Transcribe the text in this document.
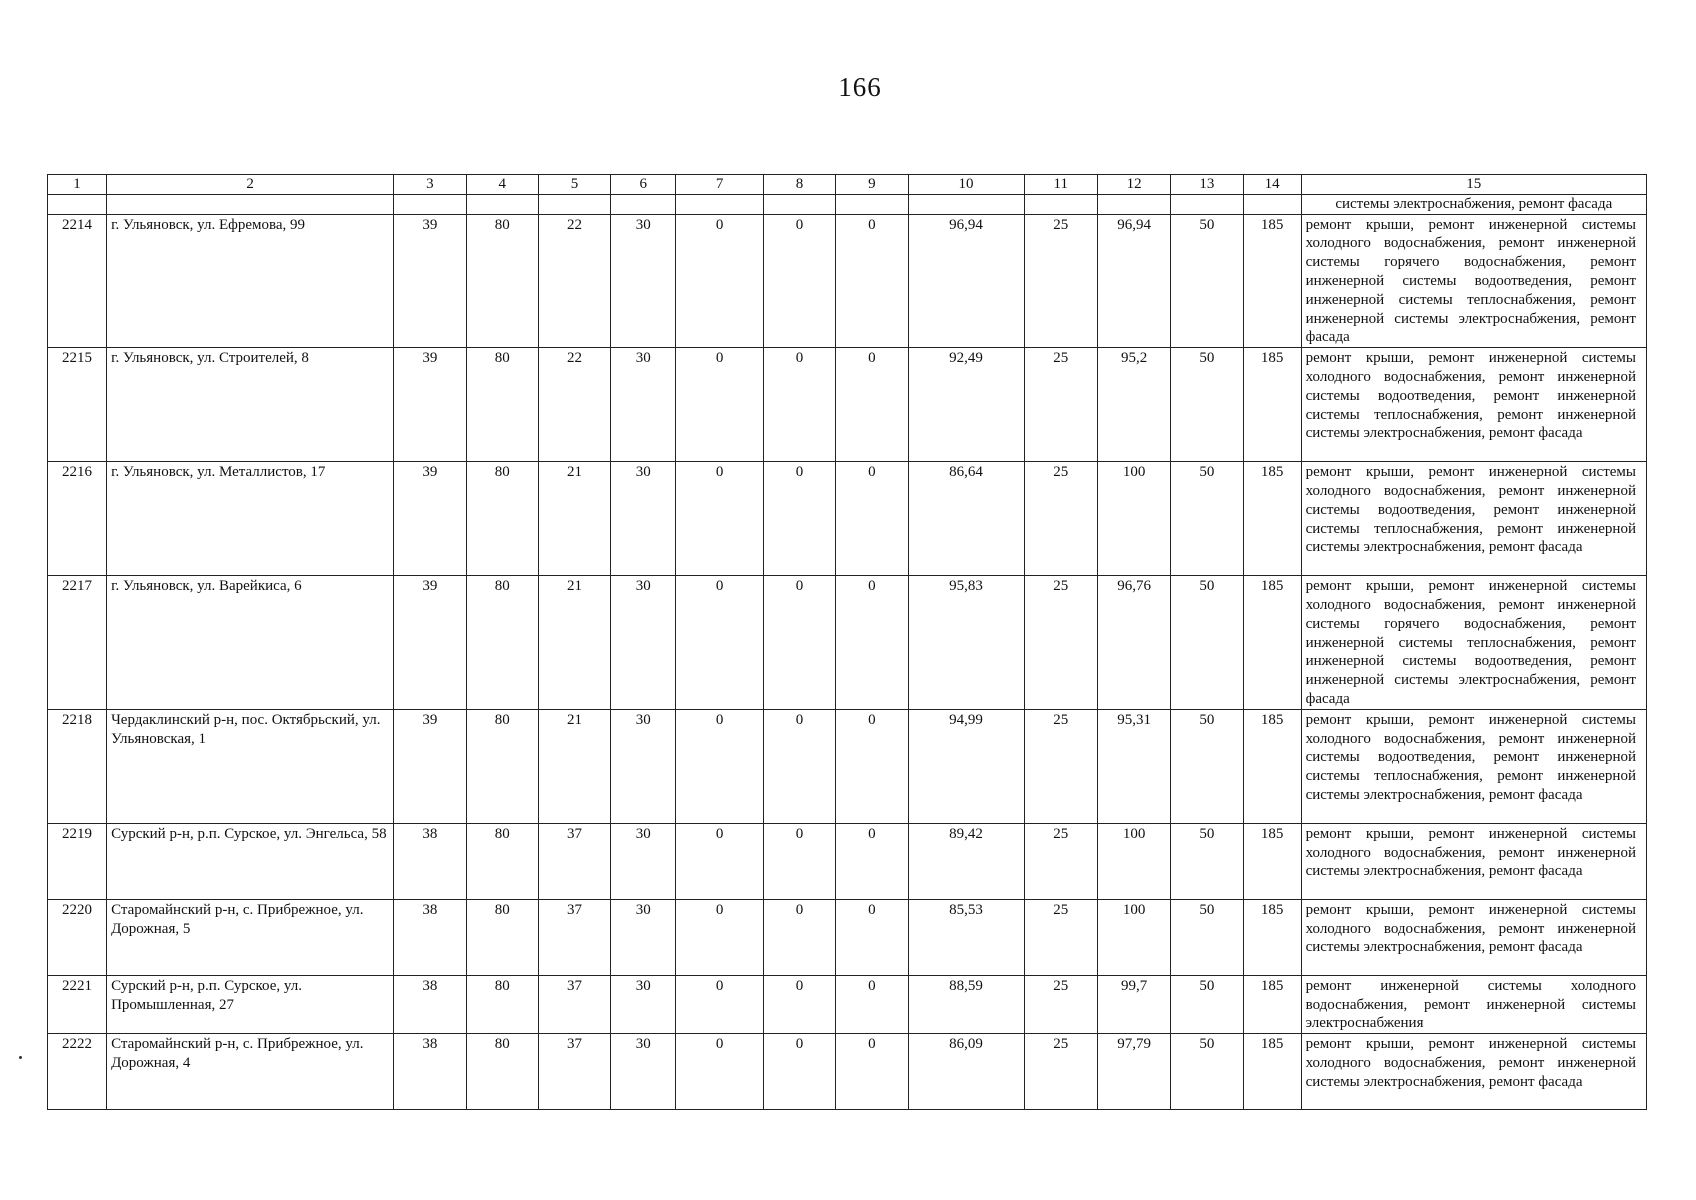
166
1	2	3	4	5	6	7	8	9	10	11	12	13	14	15
														системы электроснабжения, ремонт фасада
2214	г. Ульяновск, ул. Ефремова, 99	39	80	22	30	0	0	0	96,94	25	96,94	50	185	ремонт крыши, ремонт инженерной системы холодного водоснабжения, ремонт инженерной системы горячего водоснабжения, ремонт инженерной системы водоотведения, ремонт инженерной системы теплоснабжения, ремонт инженерной системы электроснабжения, ремонт фасада
2215	г. Ульяновск, ул. Строителей, 8	39	80	22	30	0	0	0	92,49	25	95,2	50	185	ремонт крыши, ремонт инженерной системы холодного водоснабжения, ремонт инженерной системы водоотведения, ремонт инженерной системы теплоснабжения, ремонт инженерной системы электроснабжения, ремонт фасада
2216	г. Ульяновск, ул. Металлистов, 17	39	80	21	30	0	0	0	86,64	25	100	50	185	ремонт крыши, ремонт инженерной системы холодного водоснабжения, ремонт инженерной системы водоотведения, ремонт инженерной системы теплоснабжения, ремонт инженерной системы электроснабжения, ремонт фасада
2217	г. Ульяновск, ул. Варейкиса, 6	39	80	21	30	0	0	0	95,83	25	96,76	50	185	ремонт крыши, ремонт инженерной системы холодного водоснабжения, ремонт инженерной системы горячего водоснабжения, ремонт инженерной системы теплоснабжения, ремонт инженерной системы водоотведения, ремонт инженерной системы электроснабжения, ремонт фасада
2218	Чердаклинский р-н, пос. Октябрьский, ул. Ульяновская, 1	39	80	21	30	0	0	0	94,99	25	95,31	50	185	ремонт крыши, ремонт инженерной системы холодного водоснабжения, ремонт инженерной системы водоотведения, ремонт инженерной системы теплоснабжения, ремонт инженерной системы электроснабжения, ремонт фасада
2219	Сурский р-н, р.п. Сурское, ул. Энгельса, 58	38	80	37	30	0	0	0	89,42	25	100	50	185	ремонт крыши, ремонт инженерной системы холодного водоснабжения, ремонт инженерной системы электроснабжения, ремонт фасада
2220	Старомайнский р-н, с. Прибрежное, ул. Дорожная, 5	38	80	37	30	0	0	0	85,53	25	100	50	185	ремонт крыши, ремонт инженерной системы холодного водоснабжения, ремонт инженерной системы электроснабжения, ремонт фасада
2221	Сурский р-н, р.п. Сурское, ул. Промышленная, 27	38	80	37	30	0	0	0	88,59	25	99,7	50	185	ремонт инженерной системы холодного водоснабжения, ремонт инженерной системы электроснабжения
2222	Старомайнский р-н, с. Прибрежное, ул. Дорожная, 4	38	80	37	30	0	0	0	86,09	25	97,79	50	185	ремонт крыши, ремонт инженерной системы холодного водоснабжения, ремонт инженерной системы электроснабжения, ремонт фасада
